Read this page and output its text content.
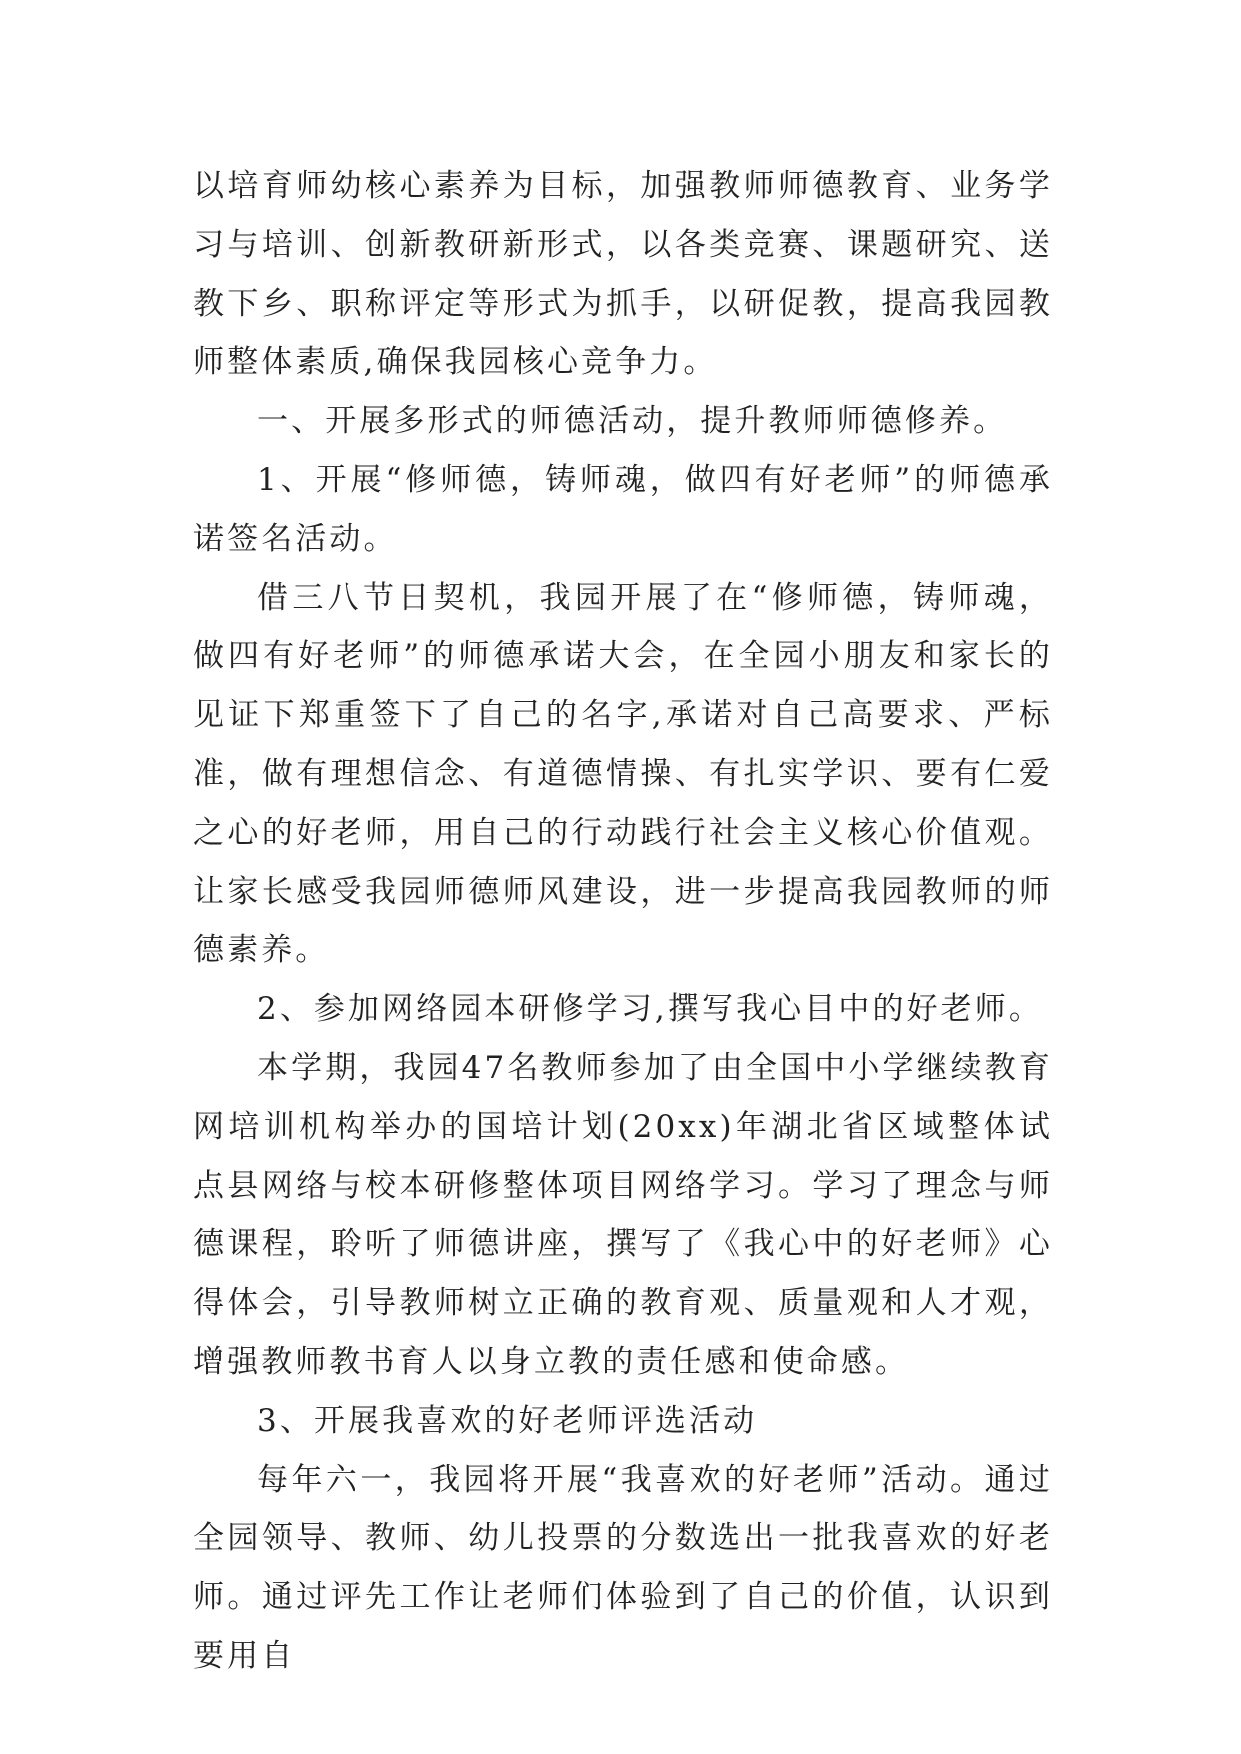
以培育师幼核心素养为目标，加强教师师德教育、业务学习与培训、创新教研新形式，以各类竞赛、课题研究、送教下乡、职称评定等形式为抓手，以研促教，提高我园教师整体素质,确保我园核心竞争力。

一、开展多形式的师德活动，提升教师师德修养。

1、开展“修师德，铸师魂，做四有好老师”的师德承诺签名活动。

借三八节日契机，我园开展了在“修师德，铸师魂，做四有好老师”的师德承诺大会，在全园小朋友和家长的见证下郑重签下了自己的名字,承诺对自己高要求、严标准，做有理想信念、有道德情操、有扎实学识、要有仁爱之心的好老师，用自己的行动践行社会主义核心价值观。让家长感受我园师德师风建设，进一步提高我园教师的师德素养。

2、参加网络园本研修学习,撰写我心目中的好老师。

本学期，我园47名教师参加了由全国中小学继续教育网培训机构举办的国培计划(20xx)年湖北省区域整体试点县网络与校本研修整体项目网络学习。学习了理念与师德课程，聆听了师德讲座，撰写了《我心中的好老师》心得体会，引导教师树立正确的教育观、质量观和人才观，增强教师教书育人以身立教的责任感和使命感。

3、开展我喜欢的好老师评选活动

每年六一，我园将开展“我喜欢的好老师”活动。通过全园领导、教师、幼儿投票的分数选出一批我喜欢的好老师。通过评先工作让老师们体验到了自己的价值，认识到要用自
